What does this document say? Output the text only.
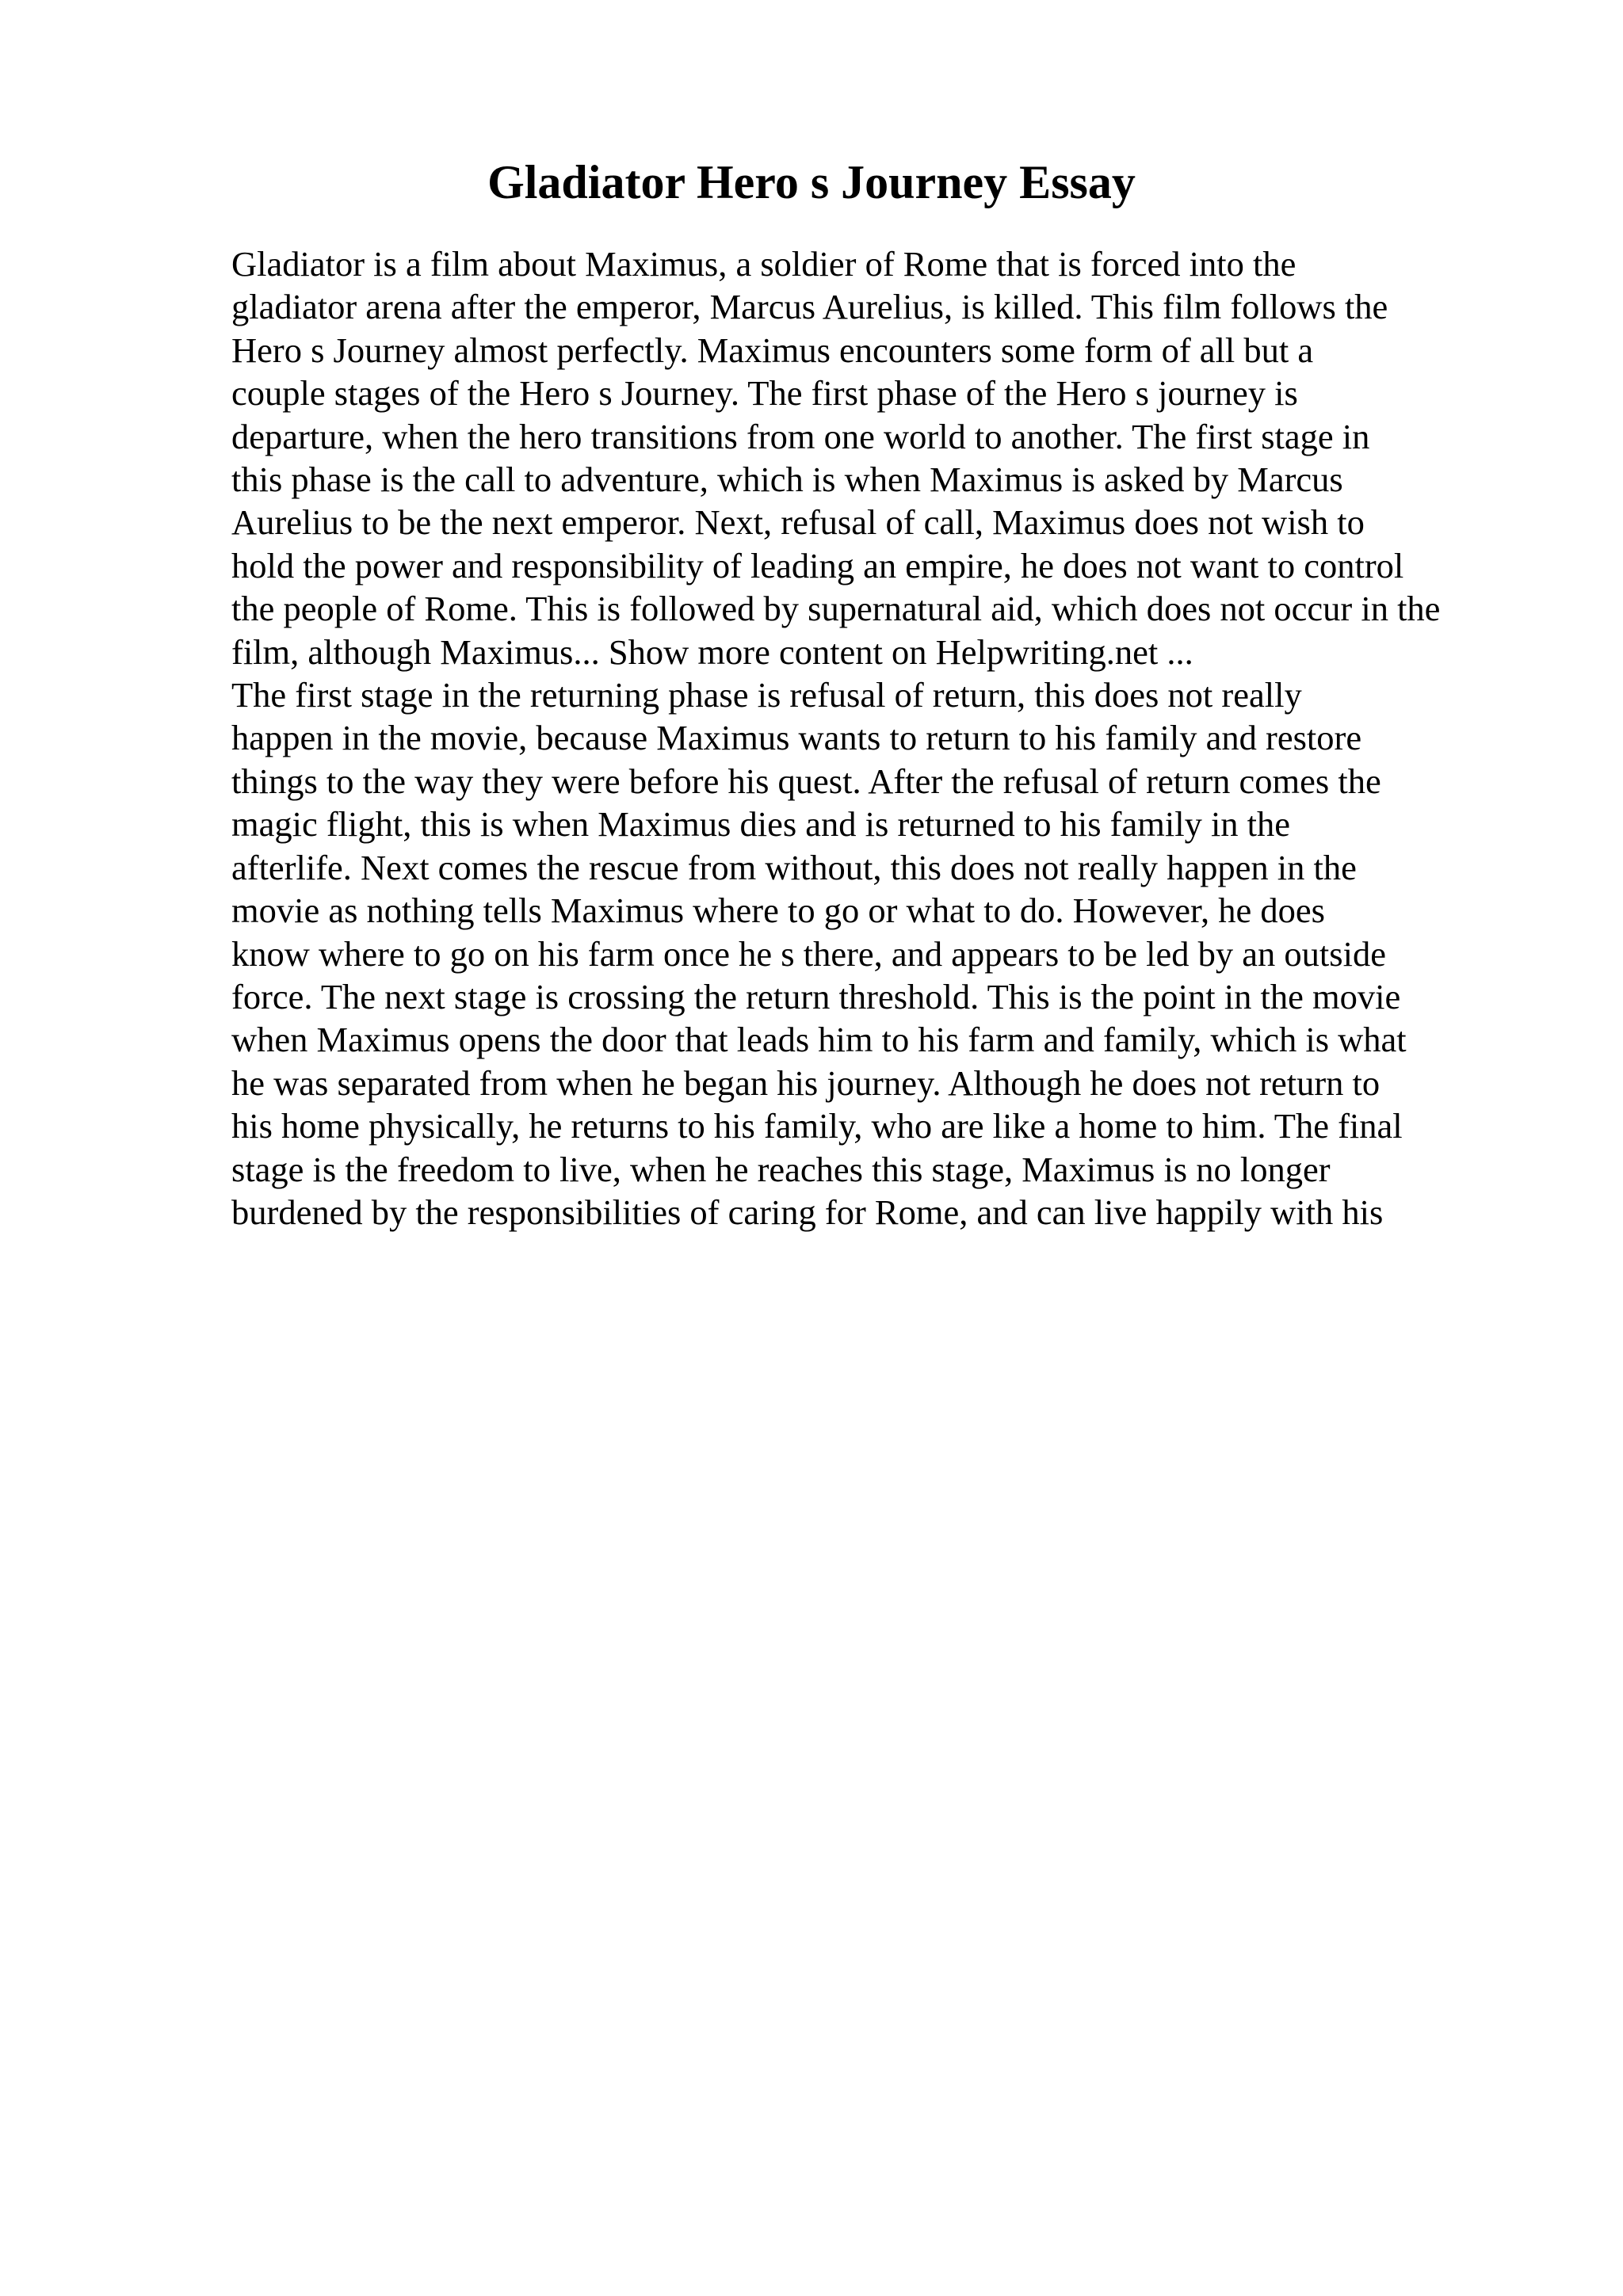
Gladiator Hero s Journey Essay
Gladiator is a film about Maximus, a soldier of Rome that is forced into the
gladiator arena after the emperor, Marcus Aurelius, is killed. This film follows the
Hero s Journey almost perfectly. Maximus encounters some form of all but a
couple stages of the Hero s Journey. The first phase of the Hero s journey is
departure, when the hero transitions from one world to another. The first stage in
this phase is the call to adventure, which is when Maximus is asked by Marcus
Aurelius to be the next emperor. Next, refusal of call, Maximus does not wish to
hold the power and responsibility of leading an empire, he does not want to control
the people of Rome. This is followed by supernatural aid, which does not occur in the
film, although Maximus... Show more content on Helpwriting.net ...
The first stage in the returning phase is refusal of return, this does not really
happen in the movie, because Maximus wants to return to his family and restore
things to the way they were before his quest. After the refusal of return comes the
magic flight, this is when Maximus dies and is returned to his family in the
afterlife. Next comes the rescue from without, this does not really happen in the
movie as nothing tells Maximus where to go or what to do. However, he does
know where to go on his farm once he s there, and appears to be led by an outside
force. The next stage is crossing the return threshold. This is the point in the movie
when Maximus opens the door that leads him to his farm and family, which is what
he was separated from when he began his journey. Although he does not return to
his home physically, he returns to his family, who are like a home to him. The final
stage is the freedom to live, when he reaches this stage, Maximus is no longer
burdened by the responsibilities of caring for Rome, and can live happily with his
